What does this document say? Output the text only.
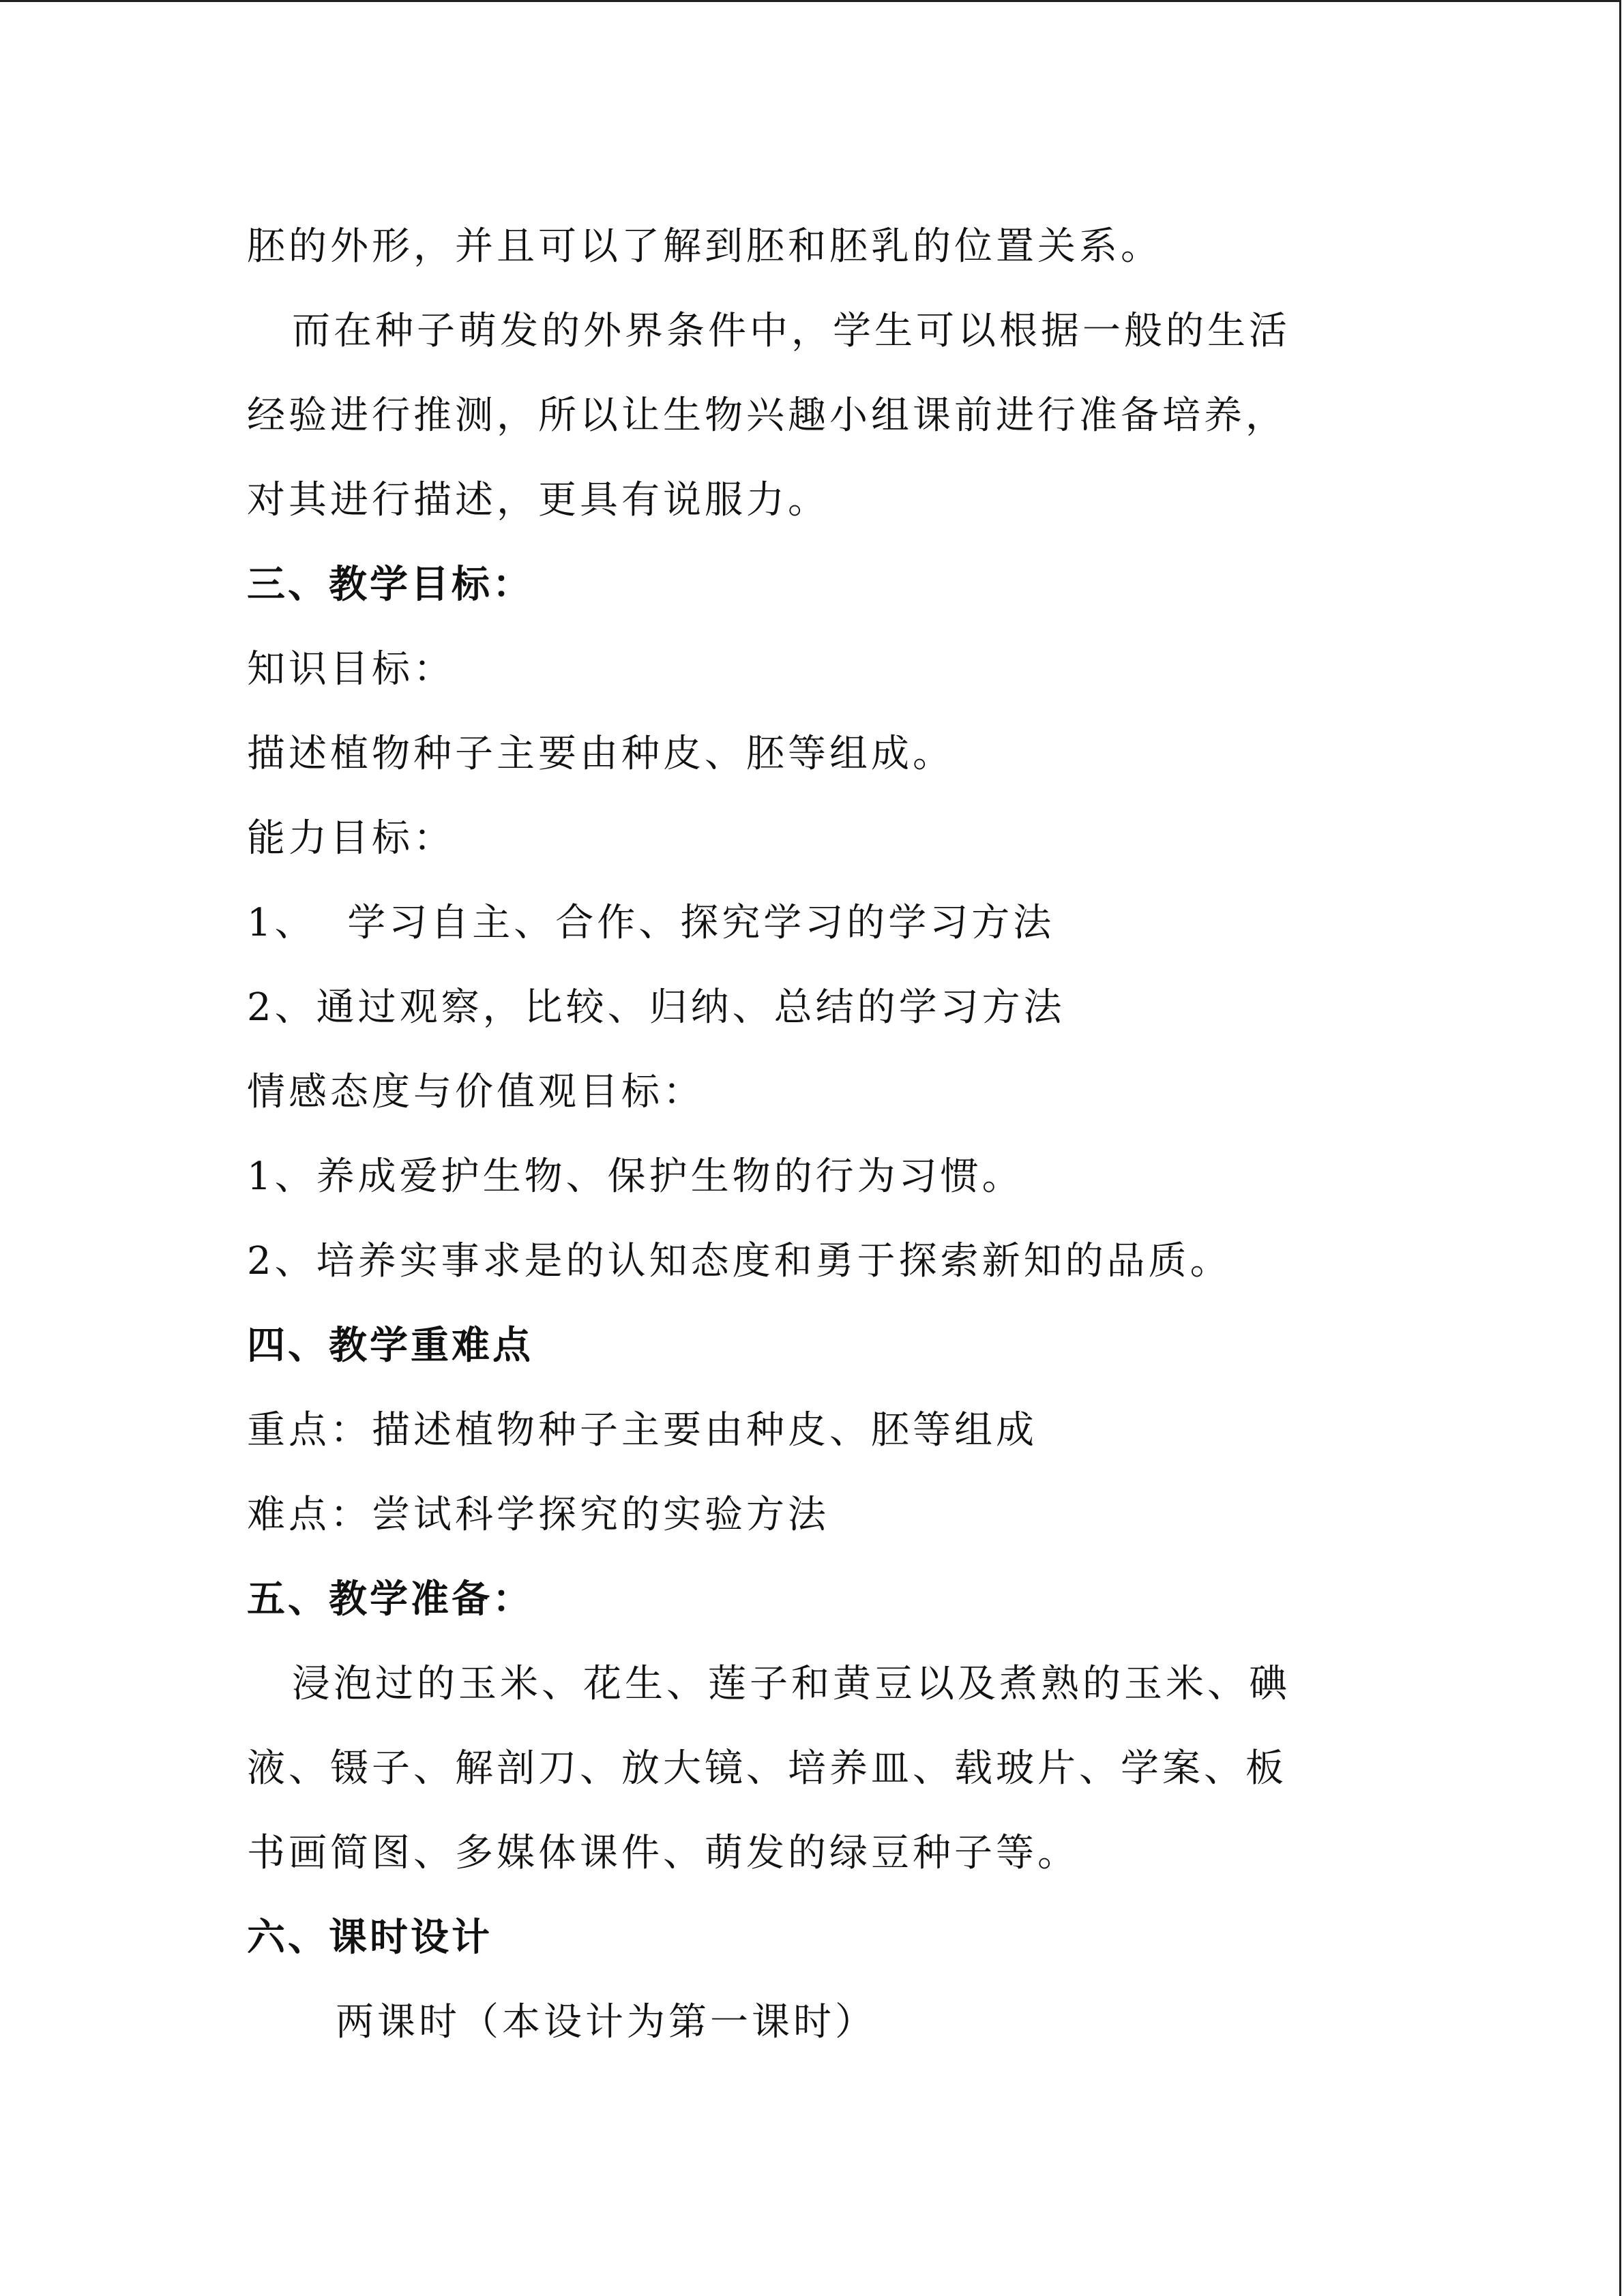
胚的外形，并且可以了解到胚和胚乳的位置关系。
而在种子萌发的外界条件中，学生可以根据一般的生活
经验进行推测，所以让生物兴趣小组课前进行准备培养，
对其进行描述，更具有说服力。
三、教学目标：
知识目标：
描述植物种子主要由种皮、胚等组成。
能力目标：
1、  学习自主、合作、探究学习的学习方法
2、通过观察，比较、归纳、总结的学习方法
情感态度与价值观目标：
1、养成爱护生物、保护生物的行为习惯。
2、培养实事求是的认知态度和勇于探索新知的品质。
四、教学重难点
重点：描述植物种子主要由种皮、胚等组成
难点：尝试科学探究的实验方法
五、教学准备：
浸泡过的玉米、花生、莲子和黄豆以及煮熟的玉米、碘
液、镊子、解剖刀、放大镜、培养皿、载玻片、学案、板
书画简图、多媒体课件、萌发的绿豆种子等。
六、课时设计
两课时（本设计为第一课时）
